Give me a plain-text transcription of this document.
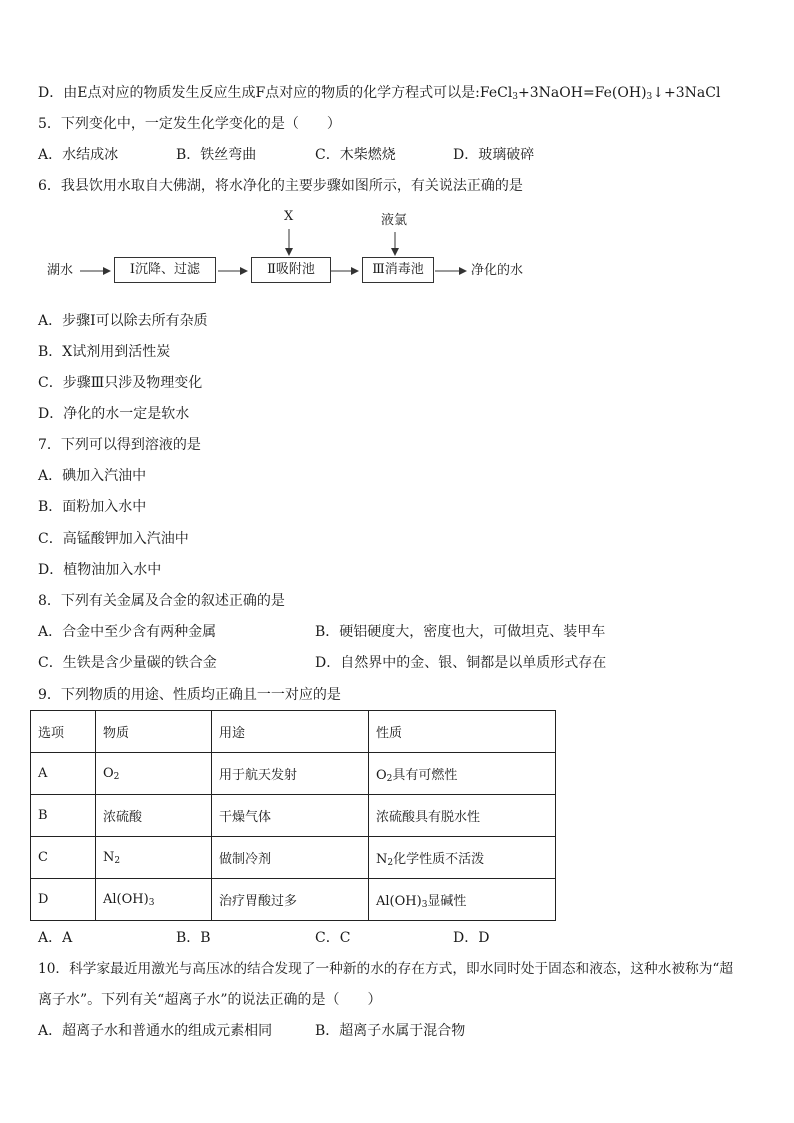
D．由E点对应的物质发生反应生成F点对应的物质的化学方程式可以是$:FeCl_3+3NaOH=Fe(OH)_3↓+3NaCl$
5．下列变化中，一定发生化学变化的是（　　）
A．水结成冰	B．铁丝弯曲	C．木柴燃烧	D．玻璃破碎
6．我县饮用水取自大佛湖，将水净化的主要步骤如图所示，有关说法正确的是
湖水	Ⅰ沉降、过滤	Ⅱ吸附池	Ⅲ消毒池	净化的水
X	液氯
A．步骤Ⅰ可以除去所有杂质
B．X试剂用到活性炭
C．步骤Ⅲ只涉及物理变化
D．净化的水一定是软水
7．下列可以得到溶液的是
A．碘加入汽油中
B．面粉加入水中
C．高锰酸钾加入汽油中
D．植物油加入水中
8．下列有关金属及合金的叙述正确的是
A．合金中至少含有两种金属	B．硬铝硬度大，密度也大，可做坦克、装甲车
C．生铁是含少量碳的铁合金	D．自然界中的金、银、铜都是以单质形式存在
9．下列物质的用途、性质均正确且一一对应的是
选项	物质	用途	性质
A	$O_2$	用于航天发射	$O_2$具有可燃性
B	浓硫酸	干燥气体	浓硫酸具有脱水性
C	$N_2$	做制冷剂	$N_2$化学性质不活泼
D	$Al(OH)_3$	治疗胃酸过多	$Al(OH)_3$显碱性
A．A	B．B	C．C	D．D
10．科学家最近用激光与高压冰的结合发现了一种新的水的存在方式，即水同时处于固态和液态，这种水被称为“超
离子水”。下列有关“超离子水”的说法正确的是（　　）
A．超离子水和普通水的组成元素相同	B．超离子水属于混合物
